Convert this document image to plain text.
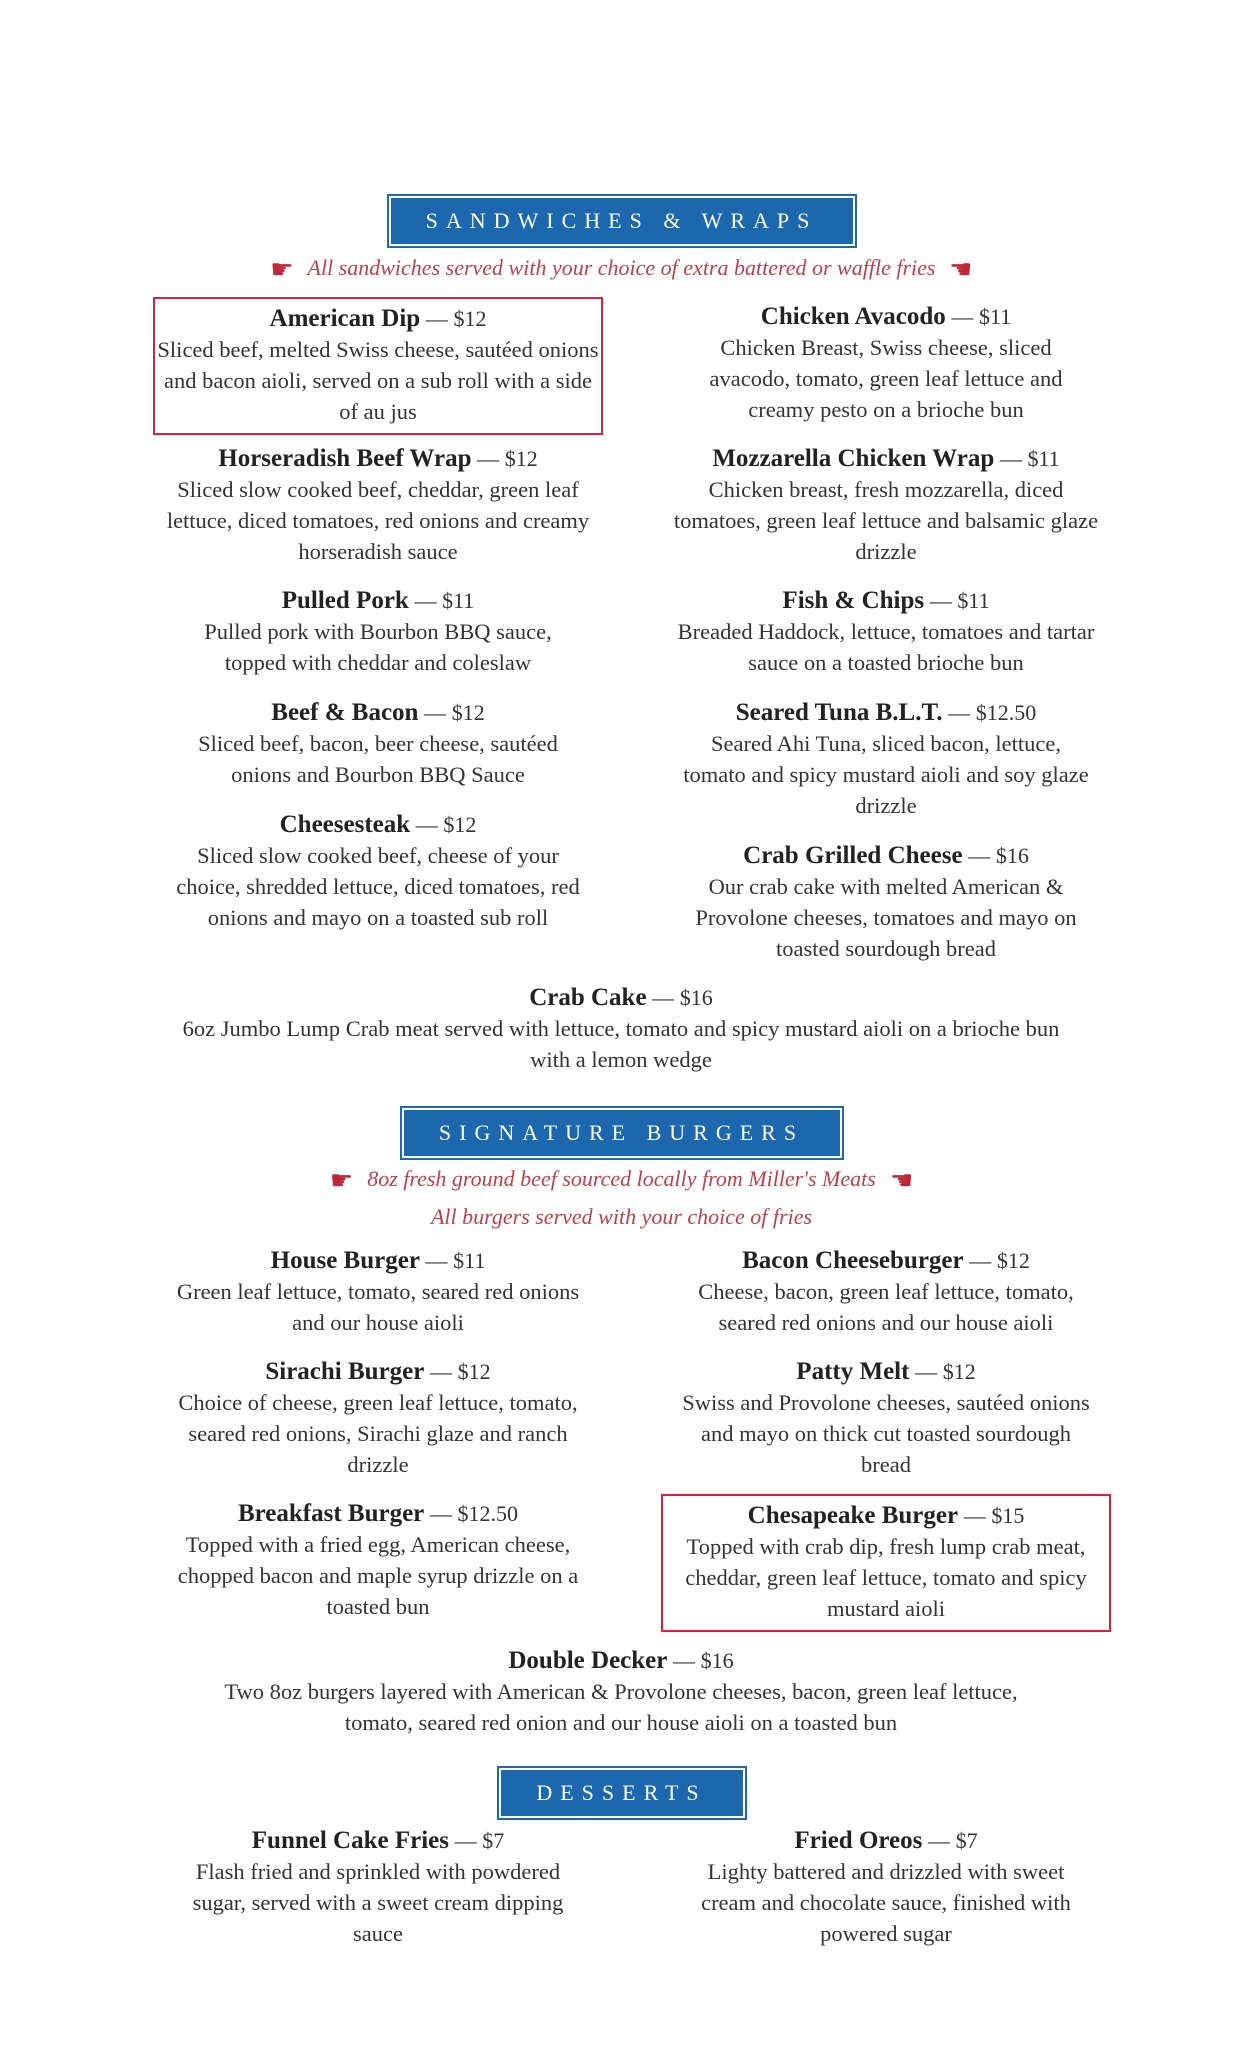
SANDWICHES & WRAPS
☛ All sandwiches served with your choice of extra battered or waffle fries ☛
American Dip — $12
Sliced beef, melted Swiss cheese, sautéed onions and bacon aioli, served on a sub roll with a side of au jus
Chicken Avacodo — $11
Chicken Breast, Swiss cheese, sliced avacodo, tomato, green leaf lettuce and creamy pesto on a brioche bun
Horseradish Beef Wrap — $12
Sliced slow cooked beef, cheddar, green leaf lettuce, diced tomatoes, red onions and creamy horseradish sauce
Mozzarella Chicken Wrap — $11
Chicken breast, fresh mozzarella, diced tomatoes, green leaf lettuce and balsamic glaze drizzle
Pulled Pork — $11
Pulled pork with Bourbon BBQ sauce, topped with cheddar and coleslaw
Fish & Chips — $11
Breaded Haddock, lettuce, tomatoes and tartar sauce on a toasted brioche bun
Beef & Bacon — $12
Sliced beef, bacon, beer cheese, sautéed onions and Bourbon BBQ Sauce
Seared Tuna B.L.T. — $12.50
Seared Ahi Tuna, sliced bacon, lettuce, tomato and spicy mustard aioli and soy glaze drizzle
Cheesesteak — $12
Sliced slow cooked beef, cheese of your choice, shredded lettuce, diced tomatoes, red onions and mayo on a toasted sub roll
Crab Grilled Cheese — $16
Our crab cake with melted American & Provolone cheeses, tomatoes and mayo on toasted sourdough bread
Crab Cake — $16
6oz Jumbo Lump Crab meat served with lettuce, tomato and spicy mustard aioli on a brioche bun with a lemon wedge
SIGNATURE BURGERS
☛ 8oz fresh ground beef sourced locally from Miller's Meats ☛
All burgers served with your choice of fries
House Burger — $11
Green leaf lettuce, tomato, seared red onions and our house aioli
Bacon Cheeseburger — $12
Cheese, bacon, green leaf lettuce, tomato, seared red onions and our house aioli
Sirachi Burger — $12
Choice of cheese, green leaf lettuce, tomato, seared red onions, Sirachi glaze and ranch drizzle
Patty Melt — $12
Swiss and Provolone cheeses, sautéed onions and mayo on thick cut toasted sourdough bread
Breakfast Burger — $12.50
Topped with a fried egg, American cheese, chopped bacon and maple syrup drizzle on a toasted bun
Chesapeake Burger — $15
Topped with crab dip, fresh lump crab meat, cheddar, green leaf lettuce, tomato and spicy mustard aioli
Double Decker — $16
Two 8oz burgers layered with American & Provolone cheeses, bacon, green leaf lettuce, tomato, seared red onion and our house aioli on a toasted bun
DESSERTS
Funnel Cake Fries — $7
Flash fried and sprinkled with powdered sugar, served with a sweet cream dipping sauce
Fried Oreos — $7
Lighty battered and drizzled with sweet cream and chocolate sauce, finished with powered sugar
